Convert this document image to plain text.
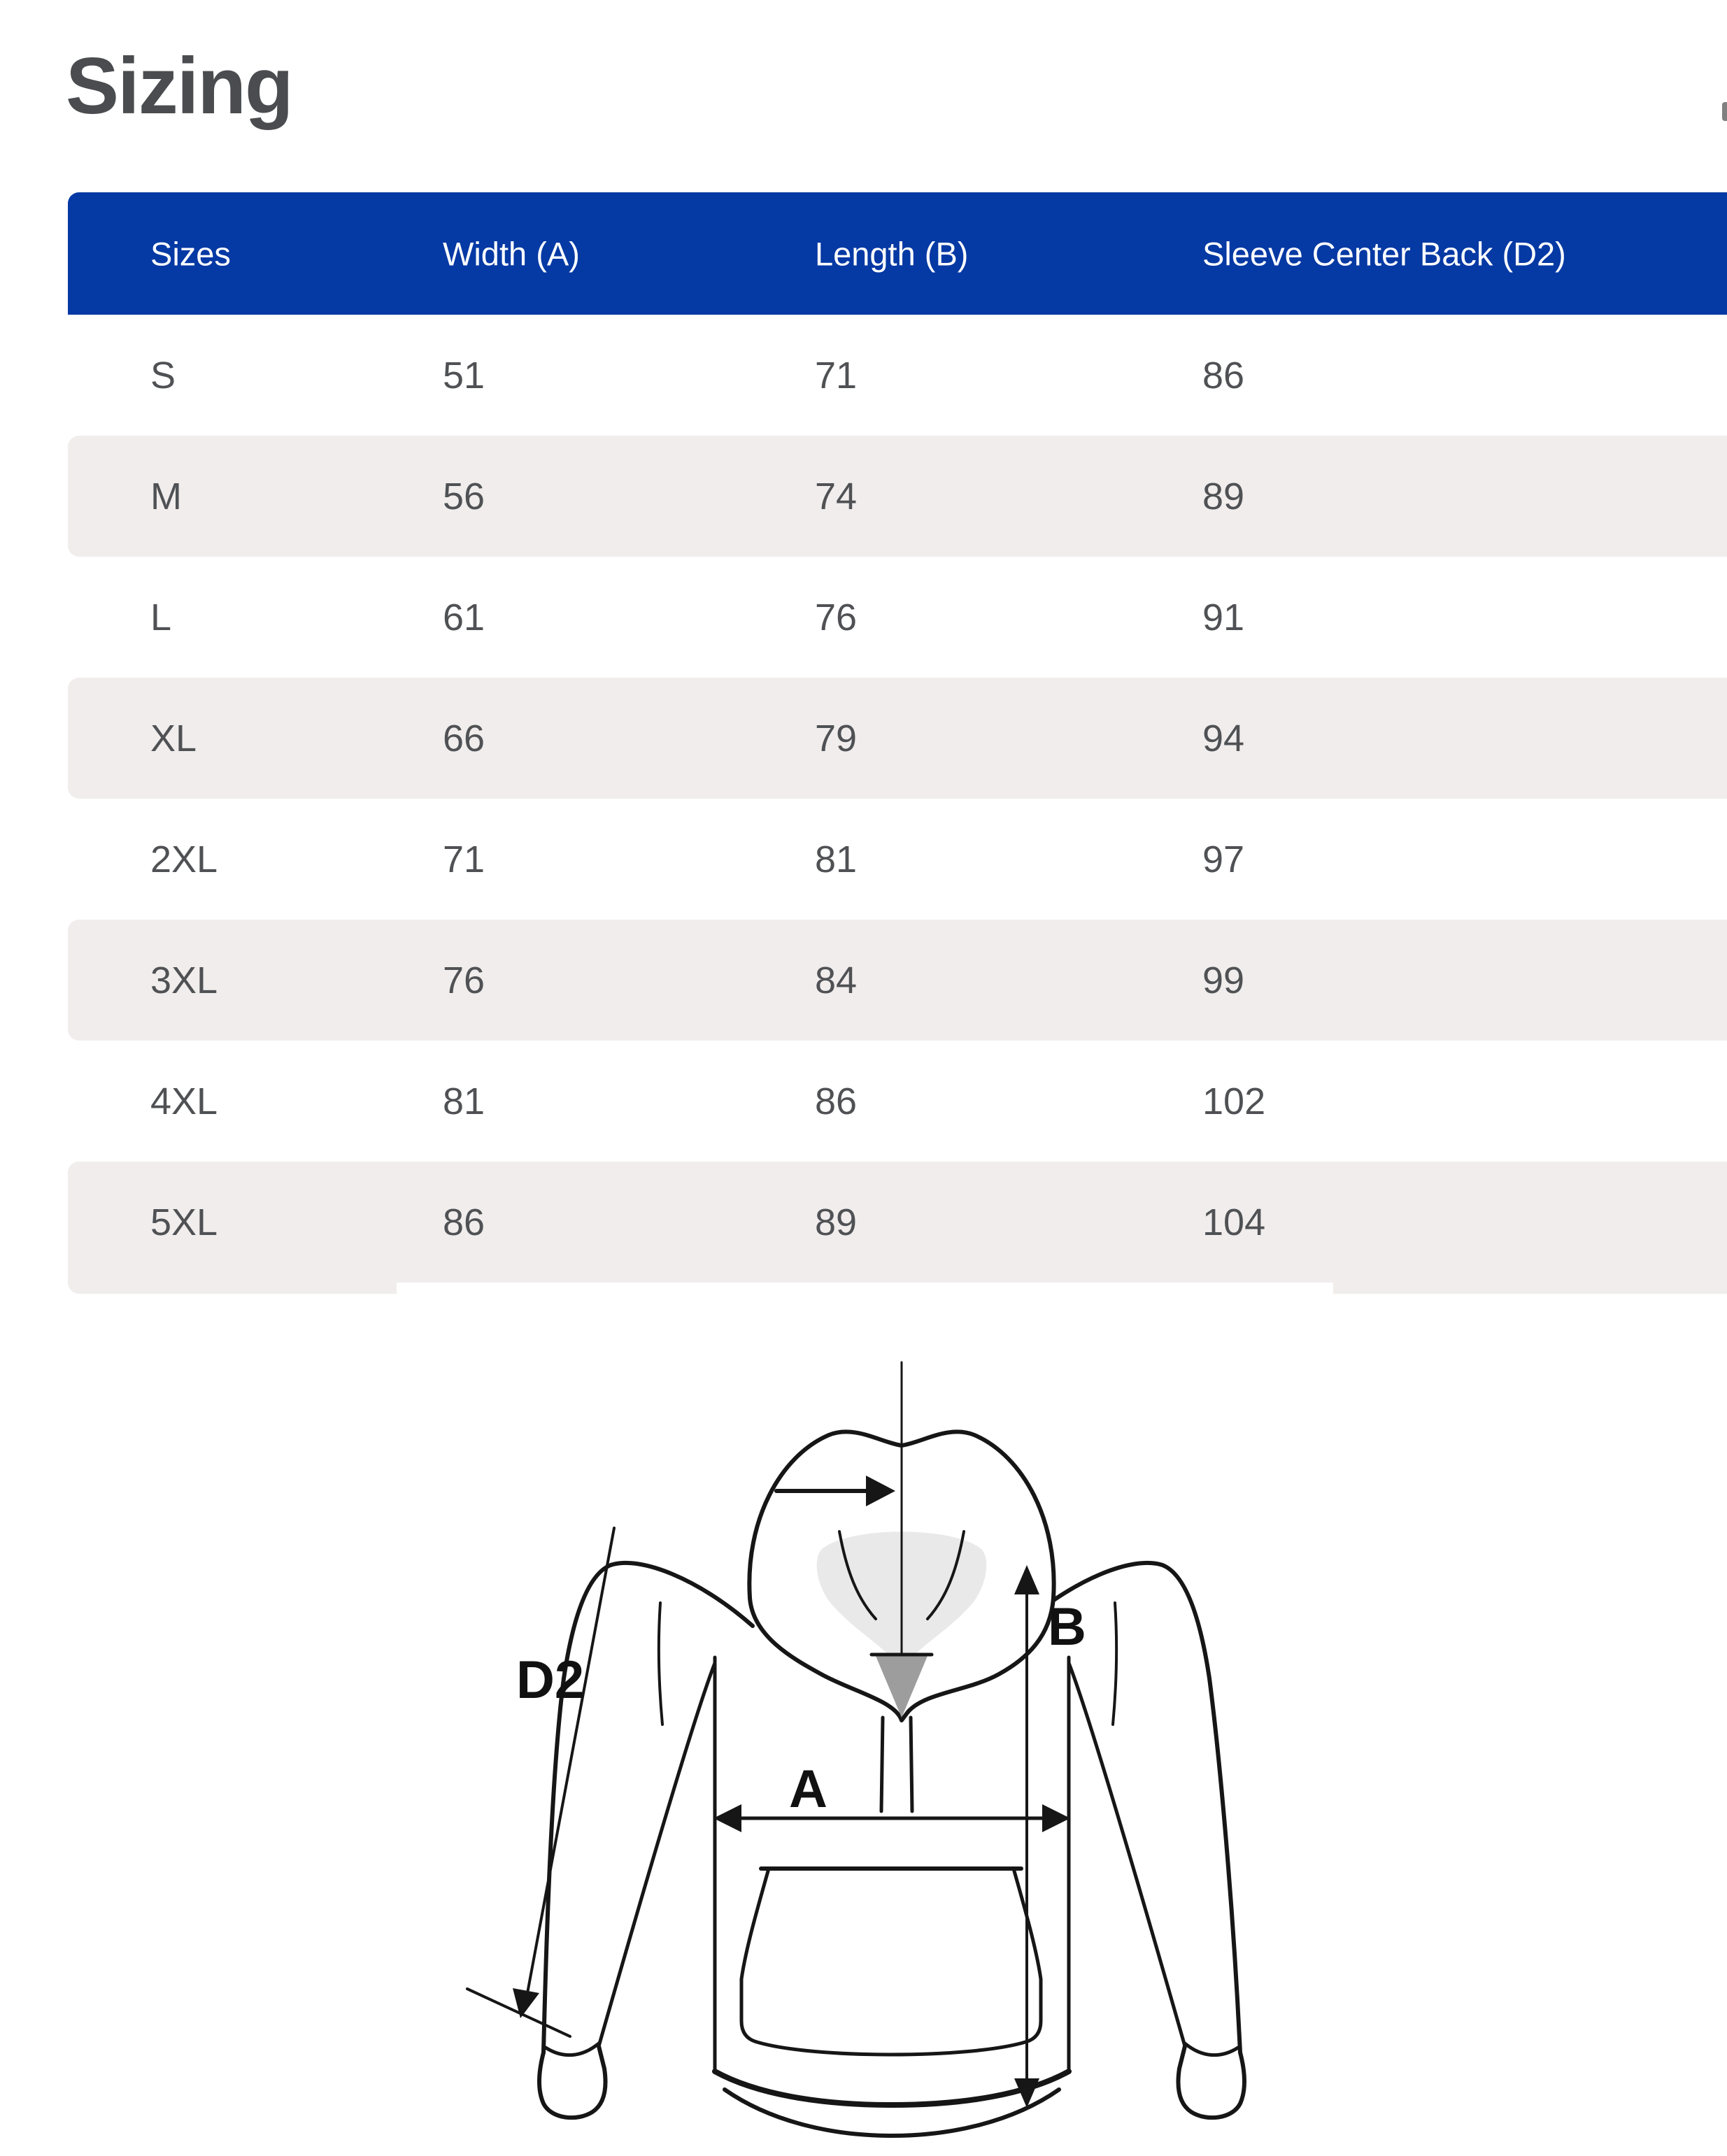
Sizing
Sizes	Width (A)	Length (B)	Sleeve Center Back (D2)
S	51	71	86
M	56	74	89
L	61	76	91
XL	66	79	94
2XL	71	81	97
3XL	76	84	99
4XL	81	86	102
5XL	86	89	104
D2
A
B
